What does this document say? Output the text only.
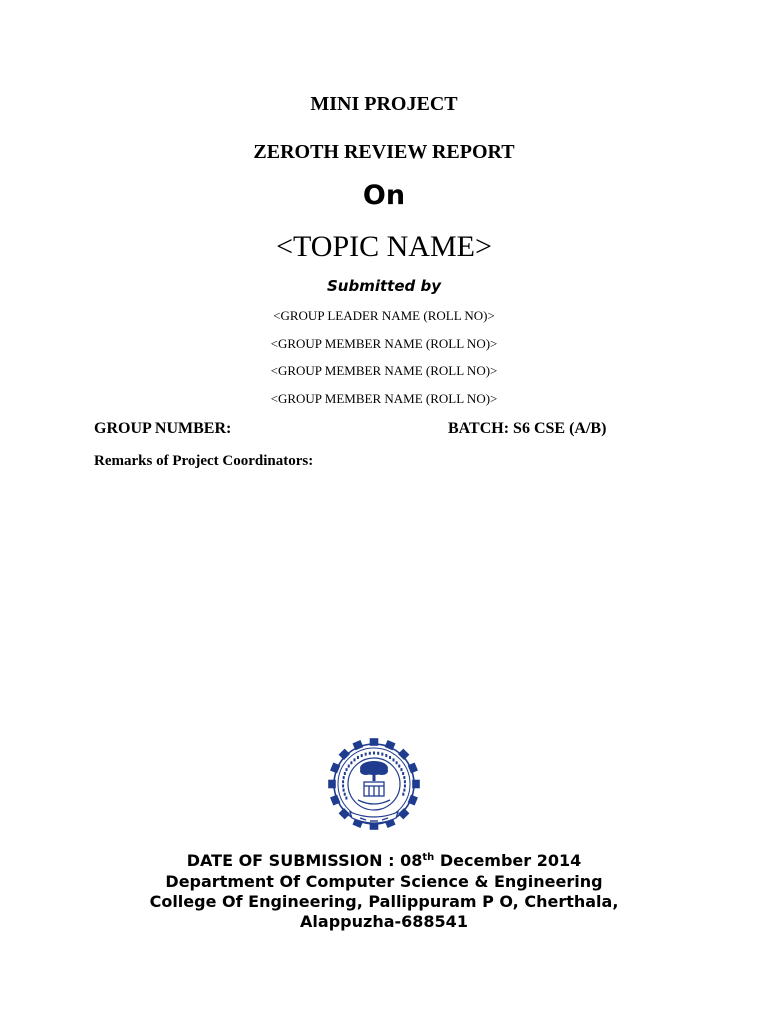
MINI PROJECT
ZEROTH REVIEW REPORT
On
<TOPIC NAME>
Submitted by
<GROUP LEADER NAME (ROLL NO)>
<GROUP MEMBER NAME (ROLL NO)>
<GROUP MEMBER NAME (ROLL NO)>
<GROUP MEMBER NAME (ROLL NO)>
GROUP NUMBER:	BATCH: S6 CSE (A/B)
Remarks of Project Coordinators:
DATE OF SUBMISSION : 08th December 2014
Department Of Computer Science & Engineering
College Of Engineering, Pallippuram P O, Cherthala,
Alappuzha-688541
